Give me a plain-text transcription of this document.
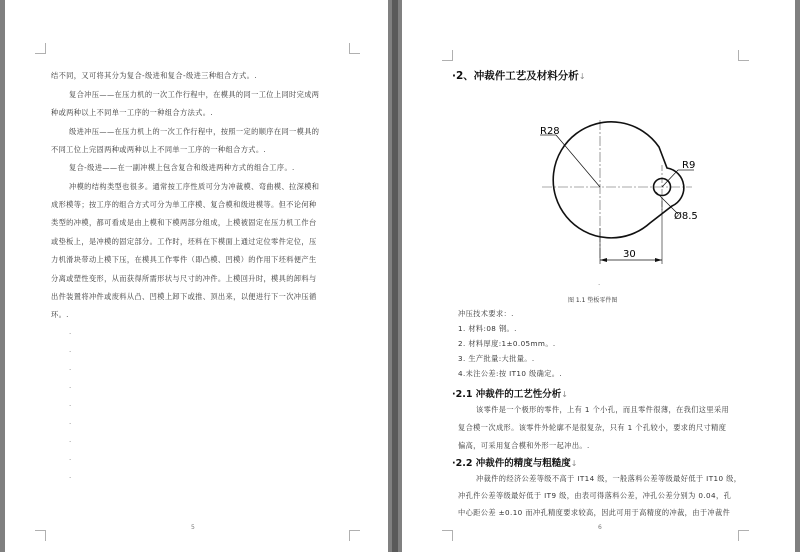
结不同，又可将其分为复合-级进和复合-级进三种组合方式。.
复合冲压——在压力机的一次工作行程中，在模具的同一工位上同时完成两
种或两种以上不同单一工序的一种组合方法式。.
级进冲压——在压力机上的一次工作行程中，按照一定的顺序在同一模具的
不同工位上完固两种或两种以上不同单一工序的一种组合方式。.
复合-级进——在一副冲模上包含复合和级进两种方式的组合工序。.
冲模的结构类型也很多。通常按工序性质可分为冲裁模、弯曲模、拉深模和
成形模等；按工序的组合方式可分为单工序模、复合模和级进模等。但不论何种
类型的冲模，都可看成是由上模和下模两部分组成，上模被固定在压力机工作台
或垫板上，是冲模的固定部分。工作时，坯料在下模面上通过定位零件定位，压
力机滑块带动上模下压，在模具工作零件（即凸模、凹模）的作用下坯料便产生
分离或塑性变形，从而获得所需形状与尺寸的冲件。上模回升时，模具的卸料与
出件装置将冲件或废料从凸、凹模上卸下或推、顶出来，以便进行下一次冲压循
环。.
.
.
.
.
.
.
.
.
.
5
·2、冲裁件工艺及材料分析↓
R28
R9
Ø8.5
30
.
图 1.1 垫板零件图
冲压技术要求：.
1. 材料:08 钢。.
2. 材料厚度:1±0.05mm。.
3. 生产批量:大批量。.
4.未注公差:按 IT10 级确定。.
·2.1 冲裁件的工艺性分析↓
该零件是一个极形的零件，上有 1 个小孔，而且零件很薄，在我们这里采用
复合模一次成形。该零件外轮廓不是很复杂，只有 1 个孔较小，要求的尺寸精度
偏高，可采用复合模和外形一起冲出。.
·2.2 冲裁件的精度与粗糙度↓
冲裁件的经济公差等级不高于 IT14 级，一般落料公差等级最好低于 IT10 级，
冲孔件公差等级最好低于 IT9 级，由表可得落料公差，冲孔公差分别为 0.04，孔
中心距公差 ±0.10 而冲孔精度要求较高，因此可用于高精度的冲裁，由于冲裁件
6
